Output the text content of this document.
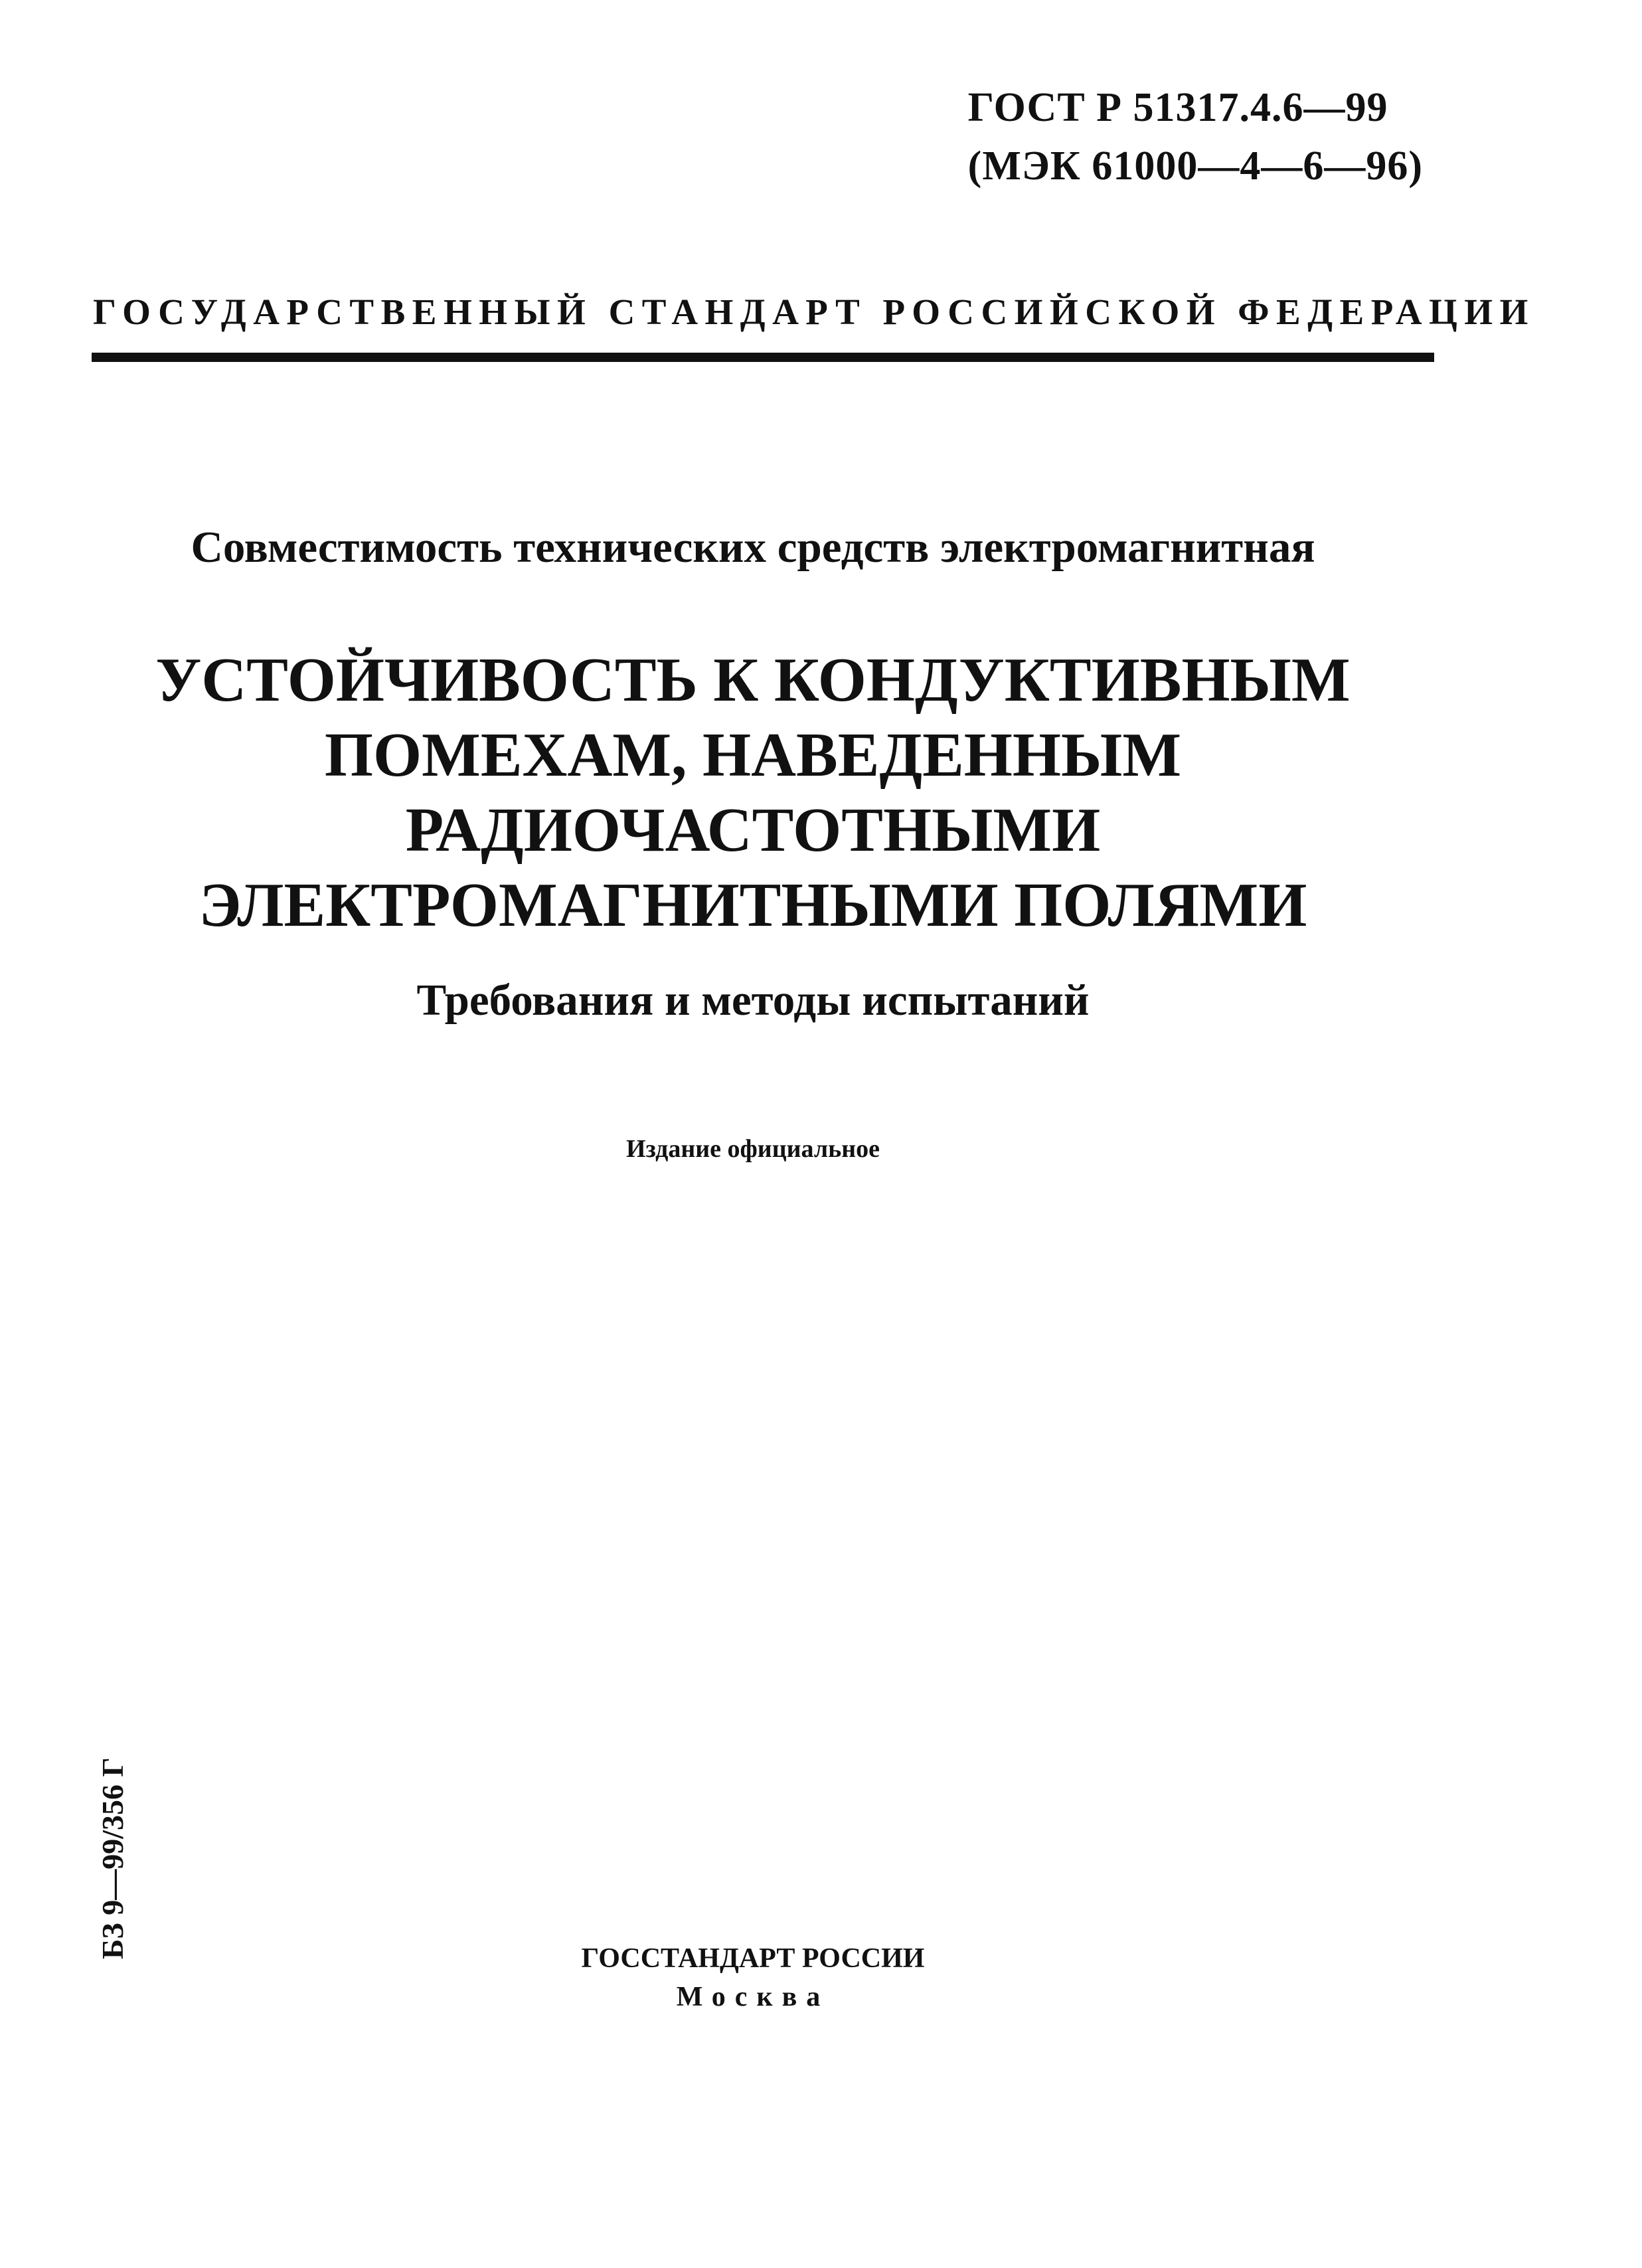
ГОСТ Р 51317.4.6—99
(МЭК 61000—4—6—96)
ГОСУДАРСТВЕННЫЙ СТАНДАРТ РОССИЙСКОЙ ФЕДЕРАЦИИ
Совместимость технических средств электромагнитная
УСТОЙЧИВОСТЬ К КОНДУКТИВНЫМ
ПОМЕХАМ, НАВЕДЕННЫМ
РАДИОЧАСТОТНЫМИ
ЭЛЕКТРОМАГНИТНЫМИ ПОЛЯМИ
Требования и методы испытаний
Издание официальное
БЗ 9—99/356 Г	ГОССТАНДАРТ РОССИИ
Москва
